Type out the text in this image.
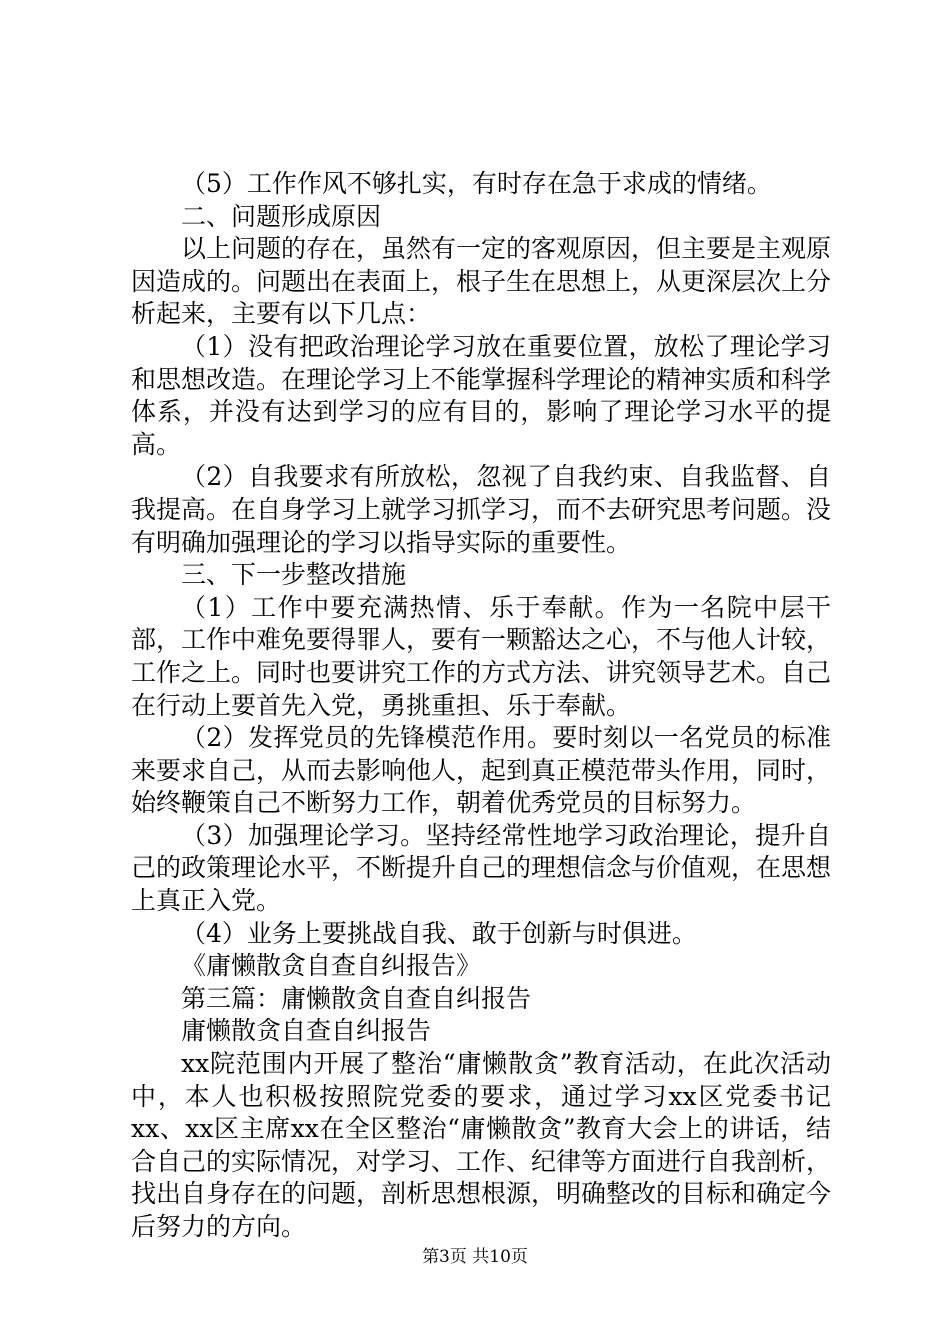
（5）工作作风不够扎实，有时存在急于求成的情绪。

二、问题形成原因

以上问题的存在，虽然有一定的客观原因，但主要是主观原因造成的。问题出在表面上，根子生在思想上，从更深层次上分析起来，主要有以下几点：

（1）没有把政治理论学习放在重要位置，放松了理论学习和思想改造。在理论学习上不能掌握科学理论的精神实质和科学体系，并没有达到学习的应有目的，影响了理论学习水平的提高。

（2）自我要求有所放松，忽视了自我约束、自我监督、自我提高。在自身学习上就学习抓学习，而不去研究思考问题。没有明确加强理论的学习以指导实际的重要性。

三、下一步整改措施

（1）工作中要充满热情、乐于奉献。作为一名院中层干部，工作中难免要得罪人，要有一颗豁达之心，不与他人计较，工作之上。同时也要讲究工作的方式方法、讲究领导艺术。自己在行动上要首先入党，勇挑重担、乐于奉献。

（2）发挥党员的先锋模范作用。要时刻以一名党员的标准来要求自己，从而去影响他人，起到真正模范带头作用，同时，始终鞭策自己不断努力工作，朝着优秀党员的目标努力。

（3）加强理论学习。坚持经常性地学习政治理论，提升自己的政策理论水平，不断提升自己的理想信念与价值观，在思想上真正入党。

（4）业务上要挑战自我、敢于创新与时俱进。

《庸懒散贪自查自纠报告》

第三篇：庸懒散贪自查自纠报告

庸懒散贪自查自纠报告

xx院范围内开展了整治“庸懒散贪”教育活动，在此次活动中，本人也积极按照院党委的要求，通过学习xx区党委书记xx、xx区主席xx在全区整治“庸懒散贪”教育大会上的讲话，结合自己的实际情况，对学习、工作、纪律等方面进行自我剖析，找出自身存在的问题，剖析思想根源，明确整改的目标和确定今后努力的方向。

第3页 共10页
